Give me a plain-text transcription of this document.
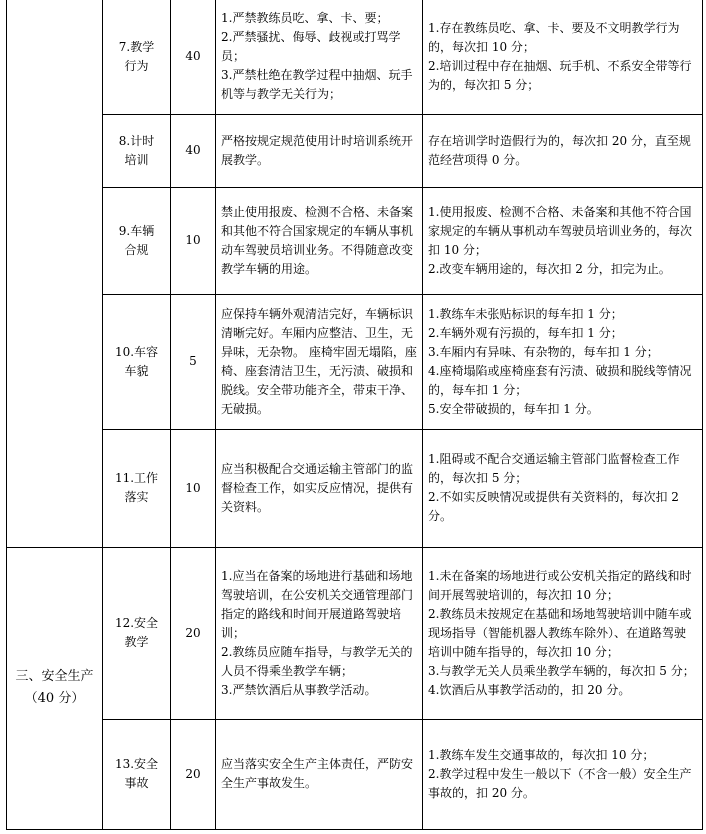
	7.教学
行为	40	1.严禁教练员吃、拿、卡、要；
2.严禁骚扰、侮辱、歧视或打骂学员；
3.严禁杜绝在教学过程中抽烟、玩手机等与教学无关行为；	1.存在教练员吃、拿、卡、要及不文明教学行为的，每次扣 10 分；
2.培训过程中存在抽烟、玩手机、不系安全带等行为的，每次扣 5 分；

	8.计时
培训	40	严格按规定规范使用计时培训系统开展教学。	存在培训学时造假行为的，每次扣 20 分，直至规范经营项得 0 分。

	9.车辆
合规	10	禁止使用报废、检测不合格、未备案和其他不符合国家规定的车辆从事机动车驾驶员培训业务。不得随意改变教学车辆的用途。	1.使用报废、检测不合格、未备案和其他不符合国家规定的车辆从事机动车驾驶员培训业务的，每次扣 10 分；
2.改变车辆用途的，每次扣 2 分，扣完为止。

	10.车容
车貌	5	应保持车辆外观清洁完好，车辆标识清晰完好。车厢内应整洁、卫生，无异味，无杂物。 座椅牢固无塌陷，座椅、座套清洁卫生，无污渍、破损和脱线。安全带功能齐全，带束干净、无破损。	1.教练车未张贴标识的每车扣 1 分；
2.车辆外观有污损的，每车扣 1 分；
3.车厢内有异味、有杂物的，每车扣 1 分；
4.座椅塌陷或座椅座套有污渍、破损和脱线等情况的，每车扣 1 分；
5.安全带破损的，每车扣 1 分。

	11.工作
落实	10	应当积极配合交通运输主管部门的监督检查工作，如实反应情况，提供有关资料。	1.阻碍或不配合交通运输主管部门监督检查工作的，每次扣 5 分；
2.不如实反映情况或提供有关资料的，每次扣 2 分。

三、安全生产
（40 分）	12.安全
教学	20	1.应当在备案的场地进行基础和场地驾驶培训，在公安机关交通管理部门指定的路线和时间开展道路驾驶培训；
2.教练员应随车指导，与教学无关的人员不得乘坐教学车辆；
3.严禁饮酒后从事教学活动。	1.未在备案的场地进行或公安机关指定的路线和时间开展驾驶培训的，每次扣 10 分；
2.教练员未按规定在基础和场地驾驶培训中随车或现场指导（智能机器人教练车除外）、在道路驾驶培训中随车指导的，每次扣 10 分；
3.与教学无关人员乘坐教学车辆的，每次扣 5 分；
4.饮酒后从事教学活动的，扣 20 分。

	13.安全
事故	20	应当落实安全生产主体责任，严防安全生产事故发生。	1.教练车发生交通事故的，每次扣 10 分；
2.教学过程中发生一般以下（不含一般）安全生产事故的，扣 20 分。
